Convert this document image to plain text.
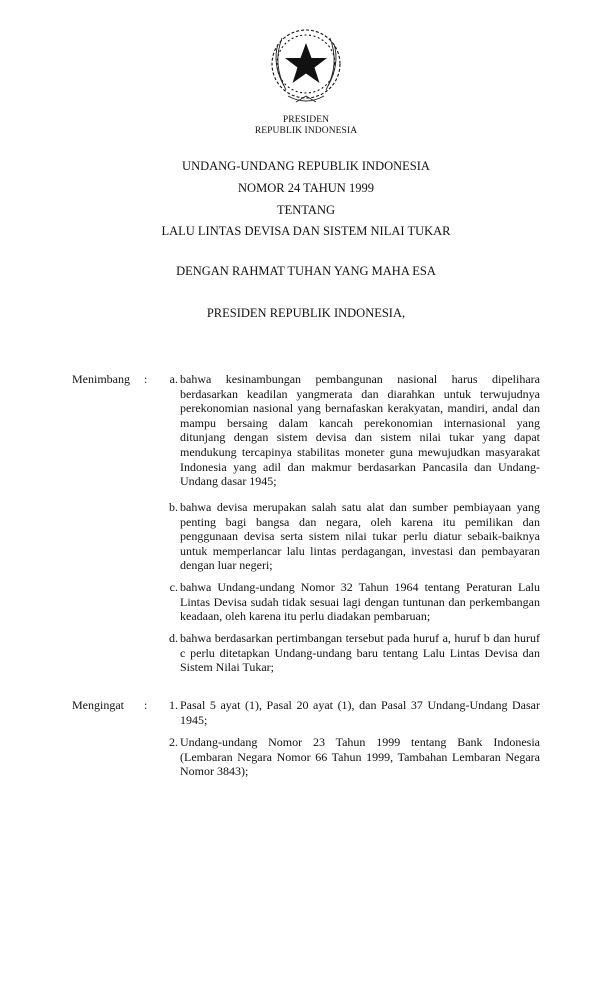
PRESIDEN
REPUBLIK INDONESIA
UNDANG-UNDANG REPUBLIK INDONESIA
NOMOR 24 TAHUN 1999
TENTANG
LALU LINTAS DEVISA DAN SISTEM NILAI TUKAR
DENGAN RAHMAT TUHAN YANG MAHA ESA
PRESIDEN REPUBLIK INDONESIA,
Menimbang :	a. bahwa kesinambungan pembangunan nasional harus dipelihara berdasarkan keadilan yangmerata dan diarahkan untuk terwujudnya perekonomian nasional yang bernafaskan kerakyatan, mandiri, andal dan mampu bersaing dalam kancah perekonomian internasional yang ditunjang dengan sistem devisa dan sistem nilai tukar yang dapat mendukung tercapinya stabilitas moneter guna mewujudkan masyarakat Indonesia yang adil dan makmur berdasarkan Pancasila dan Undang-Undang dasar 1945;
b. bahwa devisa merupakan salah satu alat dan sumber pembiayaan yang penting bagi bangsa dan negara, oleh karena itu pemilikan dan penggunaan devisa serta sistem nilai tukar perlu diatur sebaik-baiknya untuk memperlancar lalu lintas perdagangan, investasi dan pembayaran dengan luar negeri;
c. bahwa Undang-undang Nomor 32 Tahun 1964 tentang Peraturan Lalu Lintas Devisa sudah tidak sesuai lagi dengan tuntunan dan perkembangan keadaan, oleh karena itu perlu diadakan pembaruan;
d. bahwa berdasarkan pertimbangan tersebut pada huruf a, huruf b dan huruf c perlu ditetapkan Undang-undang baru tentang Lalu Lintas Devisa dan Sistem Nilai Tukar;
Mengingat :	1. Pasal 5 ayat (1), Pasal 20 ayat (1), dan Pasal 37 Undang-Undang Dasar 1945;
2. Undang-undang Nomor 23 Tahun 1999 tentang Bank Indonesia (Lembaran Negara Nomor 66 Tahun 1999, Tambahan Lembaran Negara Nomor 3843);
